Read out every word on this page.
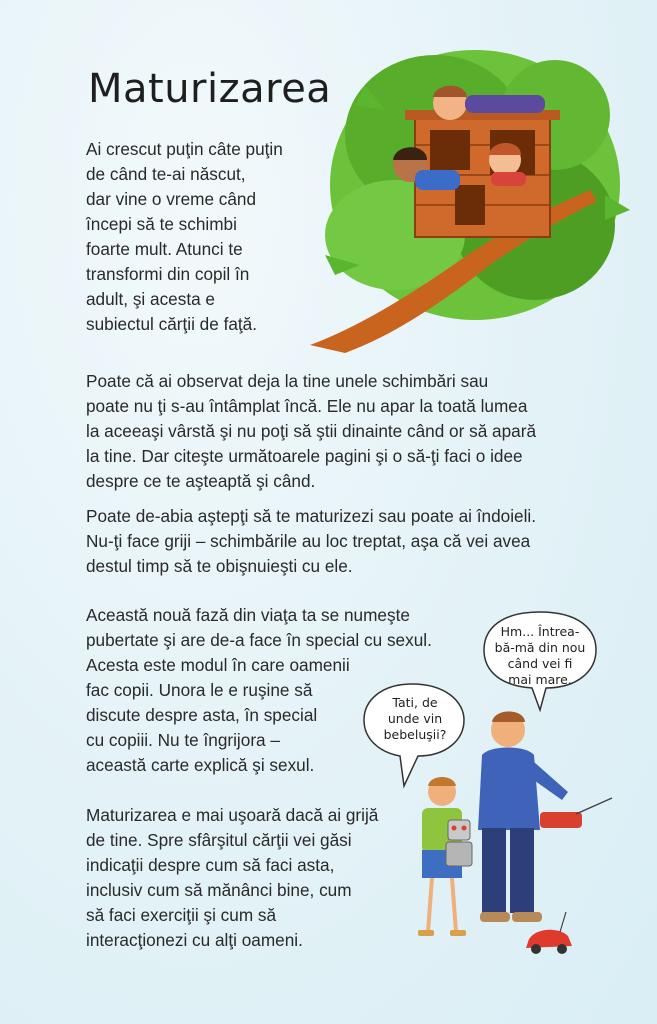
Maturizarea

Ai crescut puţin câte puţin
de când te-ai născut,
dar vine o vreme când
începi să te schimbi
foarte mult. Atunci te
transformi din copil în
adult, şi acesta e
subiectul cărţii de faţă.

Poate că ai observat deja la tine unele schimbări sau
poate nu ţi s-au întâmplat încă. Ele nu apar la toată lumea
la aceeaşi vârstă şi nu poţi să ştii dinainte când or să apară
la tine. Dar citeşte următoarele pagini şi o să-ţi faci o idee
despre ce te aşteaptă şi când.

Poate de-abia aştepţi să te maturizezi sau poate ai îndoieli.
Nu-ţi face griji – schimbările au loc treptat, aşa că vei avea
destul timp să te obişnuieşti cu ele.

Această nouă fază din viaţa ta se numeşte
pubertate şi are de-a face în special cu sexul.
Acesta este modul în care oamenii
fac copii. Unora le e ruşine să
discute despre asta, în special
cu copiii. Nu te îngrijora –
această carte explică şi sexul.

Maturizarea e mai uşoară dacă ai grijă
de tine. Spre sfârşitul cărţii vei găsi
indicaţii despre cum să faci asta,
inclusiv cum să mănânci bine, cum
să faci exerciţii şi cum să
interacţionezi cu alţi oameni.

Hm... Întrea-
bă-mă din nou
când vei fi
mai mare.
Tati, de
unde vin
bebeluşii?
